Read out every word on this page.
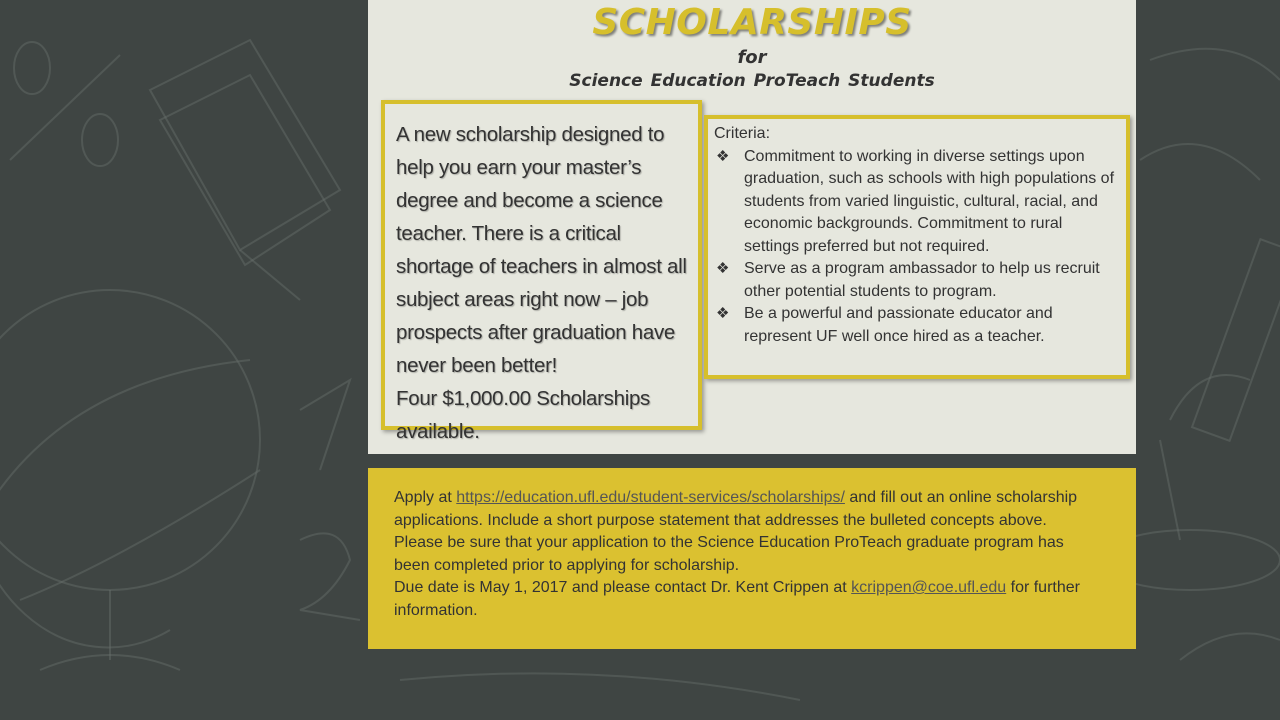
SCHOLARSHIPS
for
Science Education ProTeach Students

A new scholarship designed to help you earn your master’s degree and become a science teacher. There is a critical shortage of teachers in almost all subject areas right now – job prospects after graduation have never been better!

Four $1,000.00 Scholarships available.

Criteria:
❖ Commitment to working in diverse settings upon graduation, such as schools with high populations of students from varied linguistic, cultural, racial, and economic backgrounds. Commitment to rural settings preferred but not required.
❖ Serve as a program ambassador to help us recruit other potential students to program.
❖ Be a powerful and passionate educator and represent UF well once hired as a teacher.
Apply at https://education.ufl.edu/student-services/scholarships/ and fill out an online scholarship applications. Include a short purpose statement that addresses the bulleted concepts above. Please be sure that your application to the Science Education ProTeach graduate program has been completed prior to applying for scholarship.
Due date is May 1, 2017 and please contact Dr. Kent Crippen at kcrippen@coe.ufl.edu for further information.
